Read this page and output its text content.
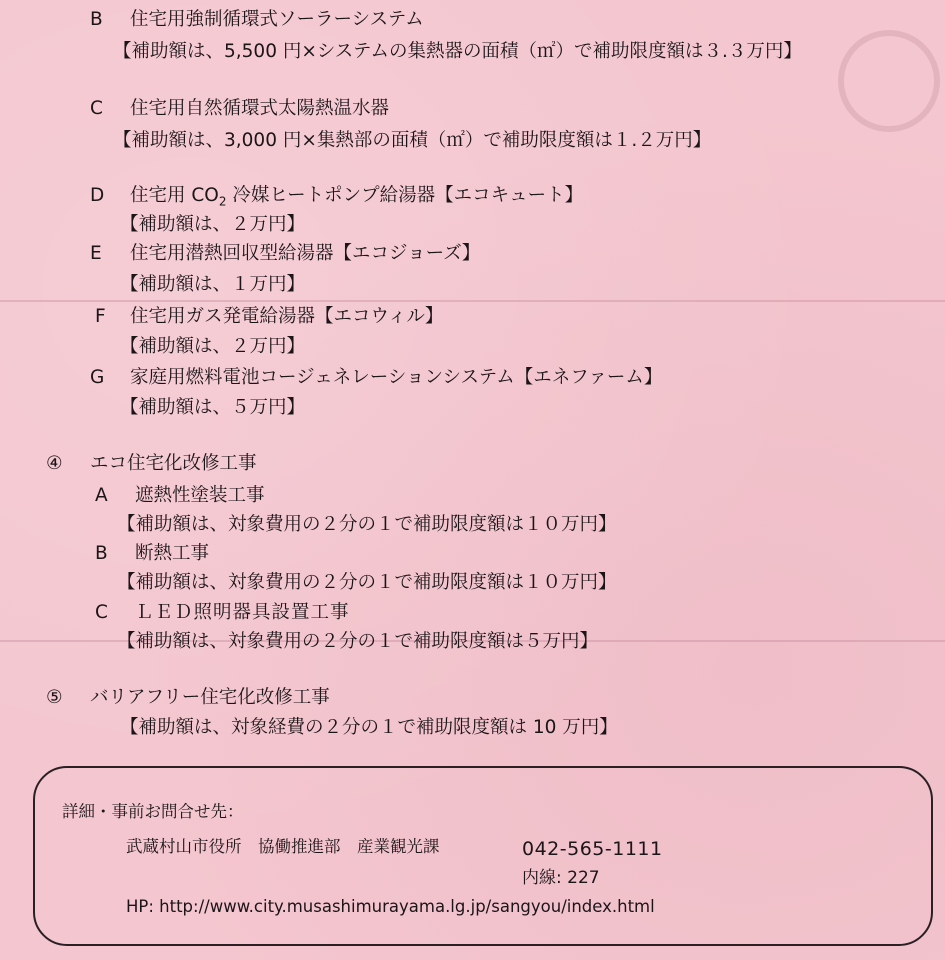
B 住宅用強制循環式ソーラーシステム
【補助額は、5,500 円×システムの集熱器の面積（㎡）で補助限度額は３.３万円】
C 住宅用自然循環式太陽熱温水器
【補助額は、3,000 円×集熱部の面積（㎡）で補助限度額は１.２万円】
D 住宅用 $CO_2$ 冷媒ヒートポンプ給湯器【エコキュート】
【補助額は、２万円】
E 住宅用潜熱回収型給湯器【エコジョーズ】
【補助額は、１万円】
F 住宅用ガス発電給湯器【エコウィル】
【補助額は、２万円】
G 家庭用燃料電池コージェネレーションシステム【エネファーム】
【補助額は、５万円】
④ エコ住宅化改修工事
A 遮熱性塗装工事
【補助額は、対象費用の２分の１で補助限度額は１０万円】
B 断熱工事
【補助額は、対象費用の２分の１で補助限度額は１０万円】
C ＬＥＤ照明器具設置工事
【補助額は、対象費用の２分の１で補助限度額は５万円】
⑤ バリアフリー住宅化改修工事
【補助額は、対象経費の２分の１で補助限度額は 10 万円】
詳細・事前お問合せ先：
武蔵村山市役所　協働推進部　産業観光課	042-565-1111
内線: 227
HP: http://www.city.musashimurayama.lg.jp/sangyou/index.html
